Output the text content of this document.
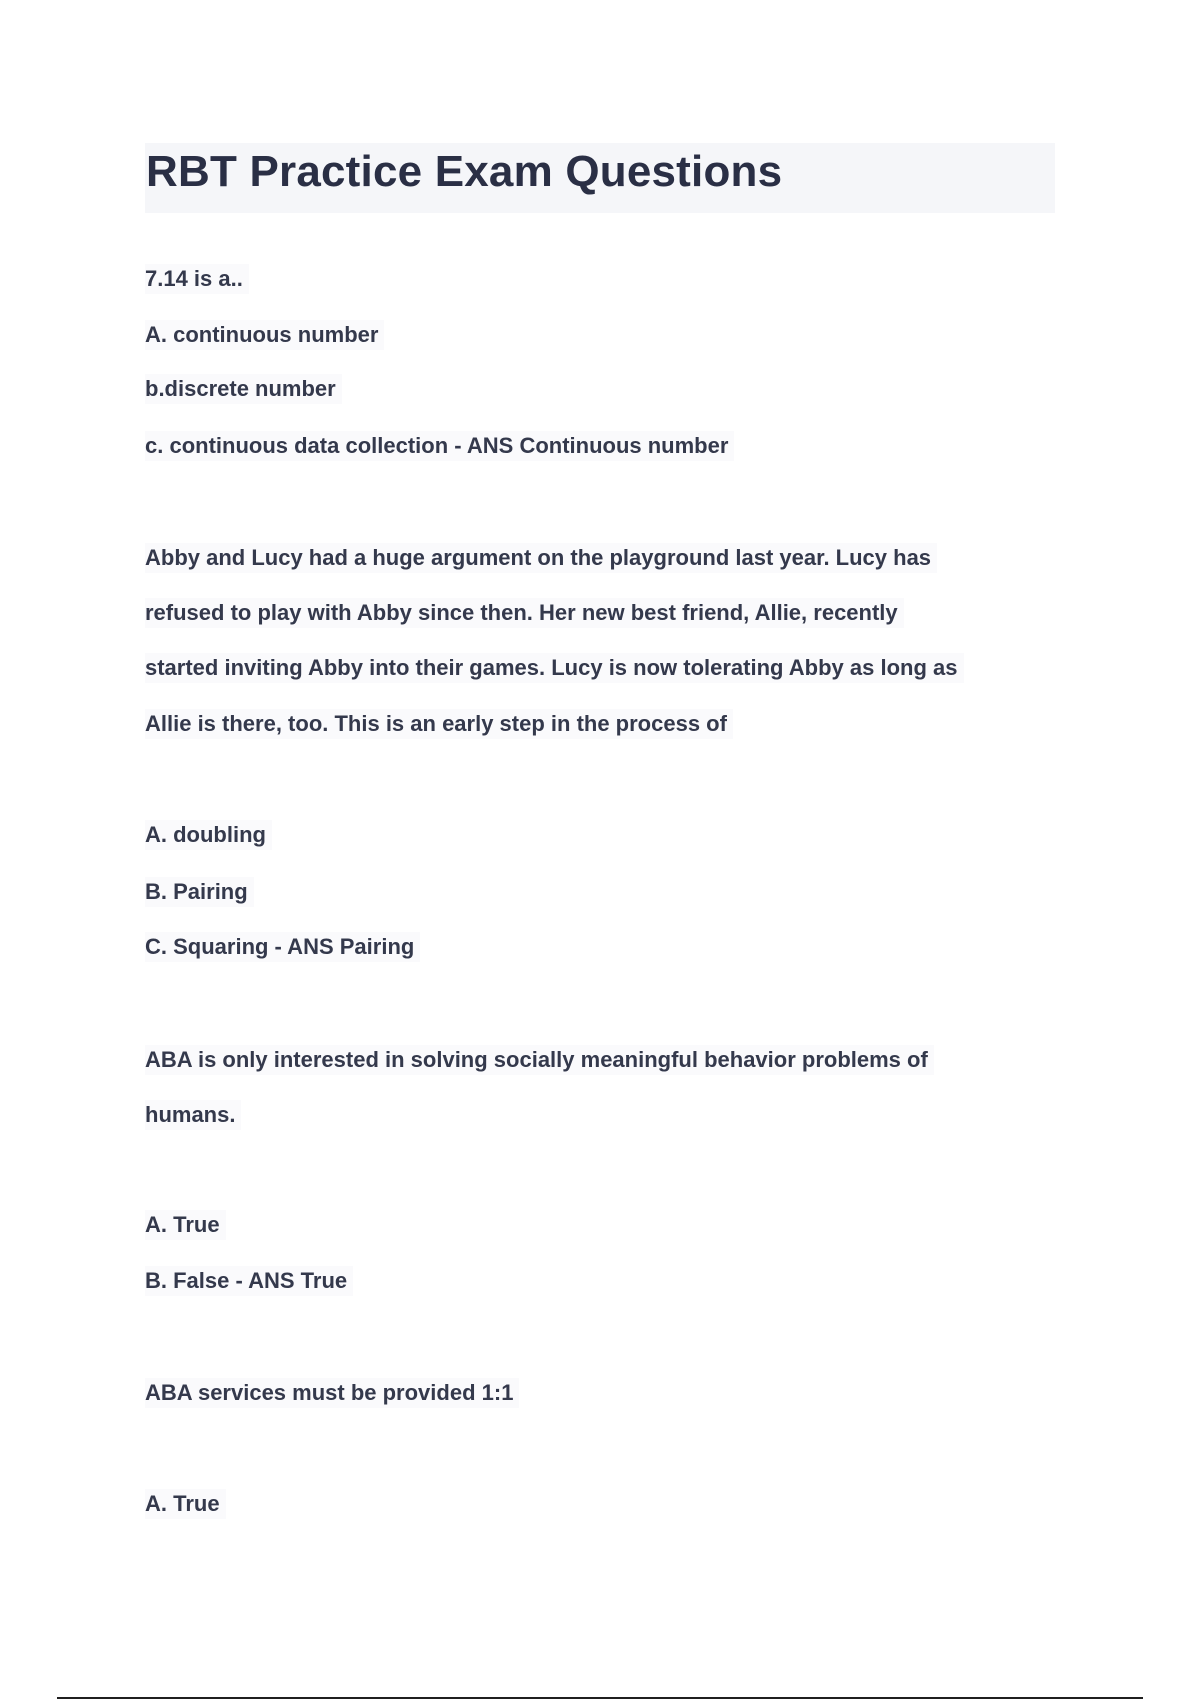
RBT Practice Exam Questions

7.14 is a..

A. continuous number

b.discrete number

c. continuous data collection - ANS Continuous number

Abby and Lucy had a huge argument on the playground last year. Lucy has

refused to play with Abby since then. Her new best friend, Allie, recently

started inviting Abby into their games. Lucy is now tolerating Abby as long as

Allie is there, too. This is an early step in the process of

A. doubling

B. Pairing

C. Squaring - ANS Pairing

ABA is only interested in solving socially meaningful behavior problems of

humans.

A. True

B. False - ANS True

ABA services must be provided 1:1

A. True
